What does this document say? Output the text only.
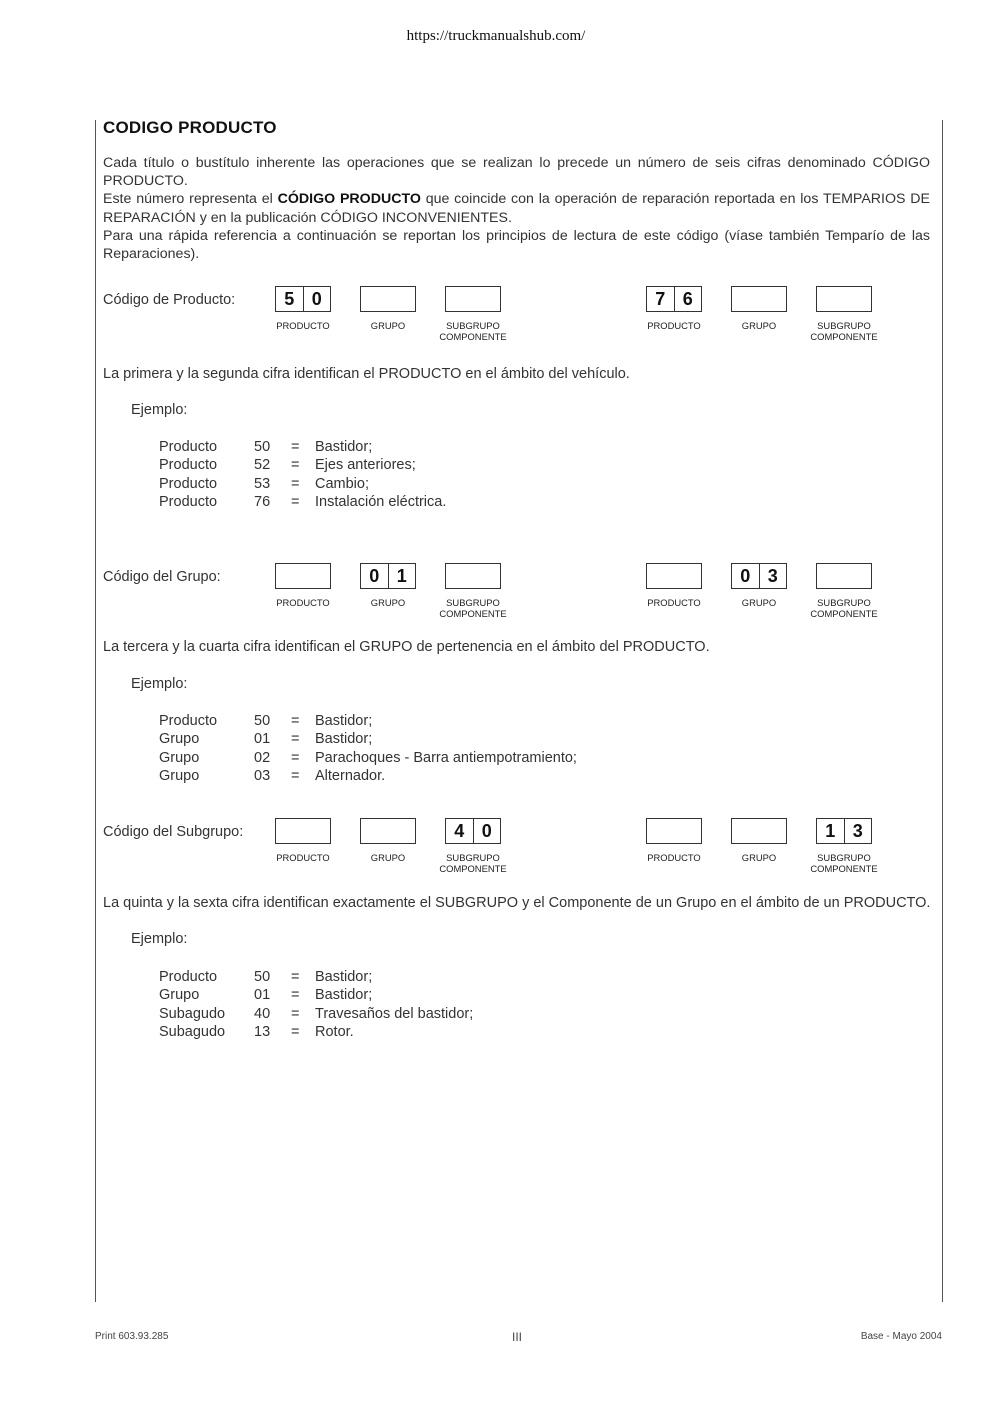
https://truckmanualshub.com/
CODIGO PRODUCTO
Cada título o bustítulo inherente las operaciones que se realizan lo precede un número de seis cifras denominado CÓDIGO PRODUCTO.
Este número representa el CÓDIGO PRODUCTO que coincide con la operación de reparación reportada en los TEMPARIOS DE REPARACIÓN y en la publicación CÓDIGO INCONVENIENTES.
Para una rápida referencia a continuación se reportan los principios de lectura de este código (víase también Temparío de las Reparaciones).
Código de Producto:	5 0
PRODUCTO	GRUPO	SUBGRUPO
COMPONENTE
7 6
PRODUCTO	GRUPO	SUBGRUPO
COMPONENTE
La primera y la segunda cifra identifican el PRODUCTO en el ámbito del vehículo.
Ejemplo:
Producto	50 = Bastidor;
Producto	52 = Ejes anteriores;
Producto	53 = Cambio;
Producto	76 = Instalación eléctrica.
Código del Grupo:
PRODUCTO
0 1
GRUPO	SUBGRUPO
COMPONENTE
PRODUCTO
0 3
GRUPO	SUBGRUPO
COMPONENTE
La tercera y la cuarta cifra identifican el GRUPO de pertenencia en el ámbito del PRODUCTO.
Ejemplo:
Producto	50 = Bastidor;
Grupo	01 = Bastidor;
Grupo	02 = Parachoques - Barra antiempotramiento;
Grupo	03 = Alternador.
Código del Subgrupo:
PRODUCTO	GRUPO
4 0
SUBGRUPO
COMPONENTE
PRODUCTO	GRUPO
1 3
SUBGRUPO
COMPONENTE
La quinta y la sexta cifra identifican exactamente el SUBGRUPO y el Componente de un Grupo en el ámbito de un PRODUCTO.
Ejemplo:
Producto	50 = Bastidor;
Grupo	01 = Bastidor;
Subagudo 40 = Travesaños del bastidor;
Subagudo 13 = Rotor.
Print 603.93.285	III	Base - Mayo 2004
